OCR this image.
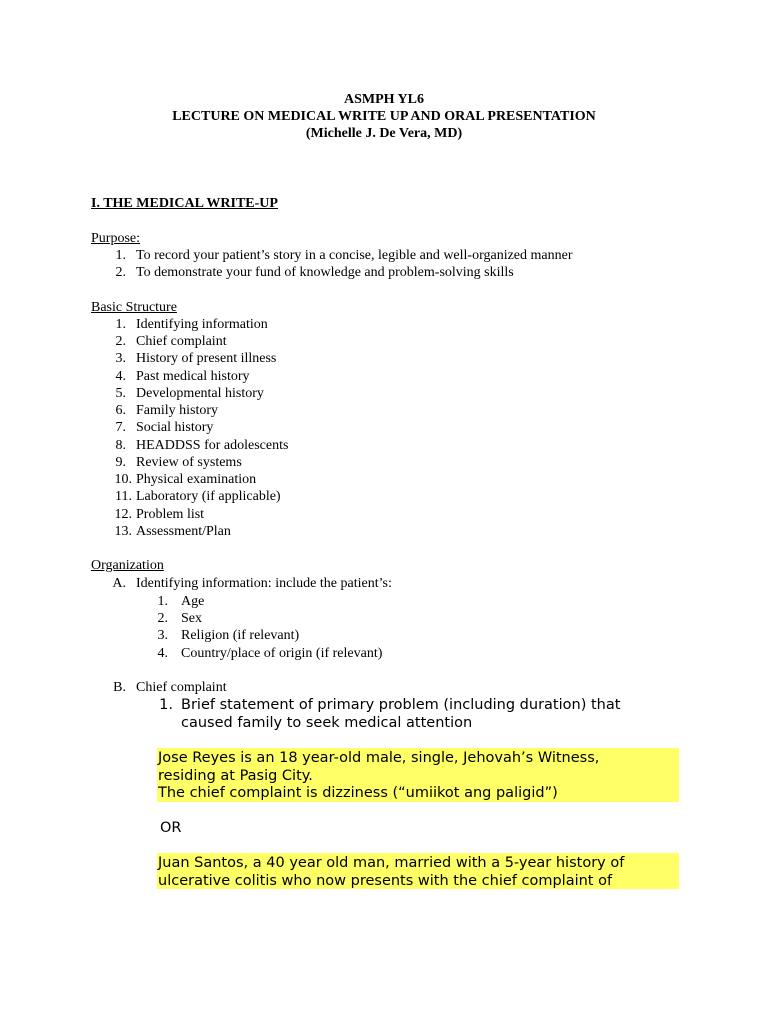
ASMPH YL6
LECTURE ON MEDICAL WRITE UP AND ORAL PRESENTATION
(Michelle J. De Vera, MD)
I. THE MEDICAL WRITE-UP
Purpose:
1. To record your patient’s story in a concise, legible and well-organized manner
2. To demonstrate your fund of knowledge and problem-solving skills
Basic Structure
1. Identifying information
2. Chief complaint
3. History of present illness
4. Past medical history
5. Developmental history
6. Family history
7. Social history
8. HEADDSS for adolescents
9. Review of systems
10. Physical examination
11. Laboratory (if applicable)
12. Problem list
13. Assessment/Plan
Organization
A. Identifying information: include the patient’s:
1. Age
2. Sex
3. Religion (if relevant)
4. Country/place of origin (if relevant)
B. Chief complaint
1. Brief statement of primary problem (including duration) that
caused family to seek medical attention
Jose Reyes is an 18 year-old male, single, Jehovah’s Witness,
residing at Pasig City.
The chief complaint is dizziness (“umiikot ang paligid”)
OR
Juan Santos, a 40 year old man, married with a 5-year history of
ulcerative colitis who now presents with the chief complaint of
